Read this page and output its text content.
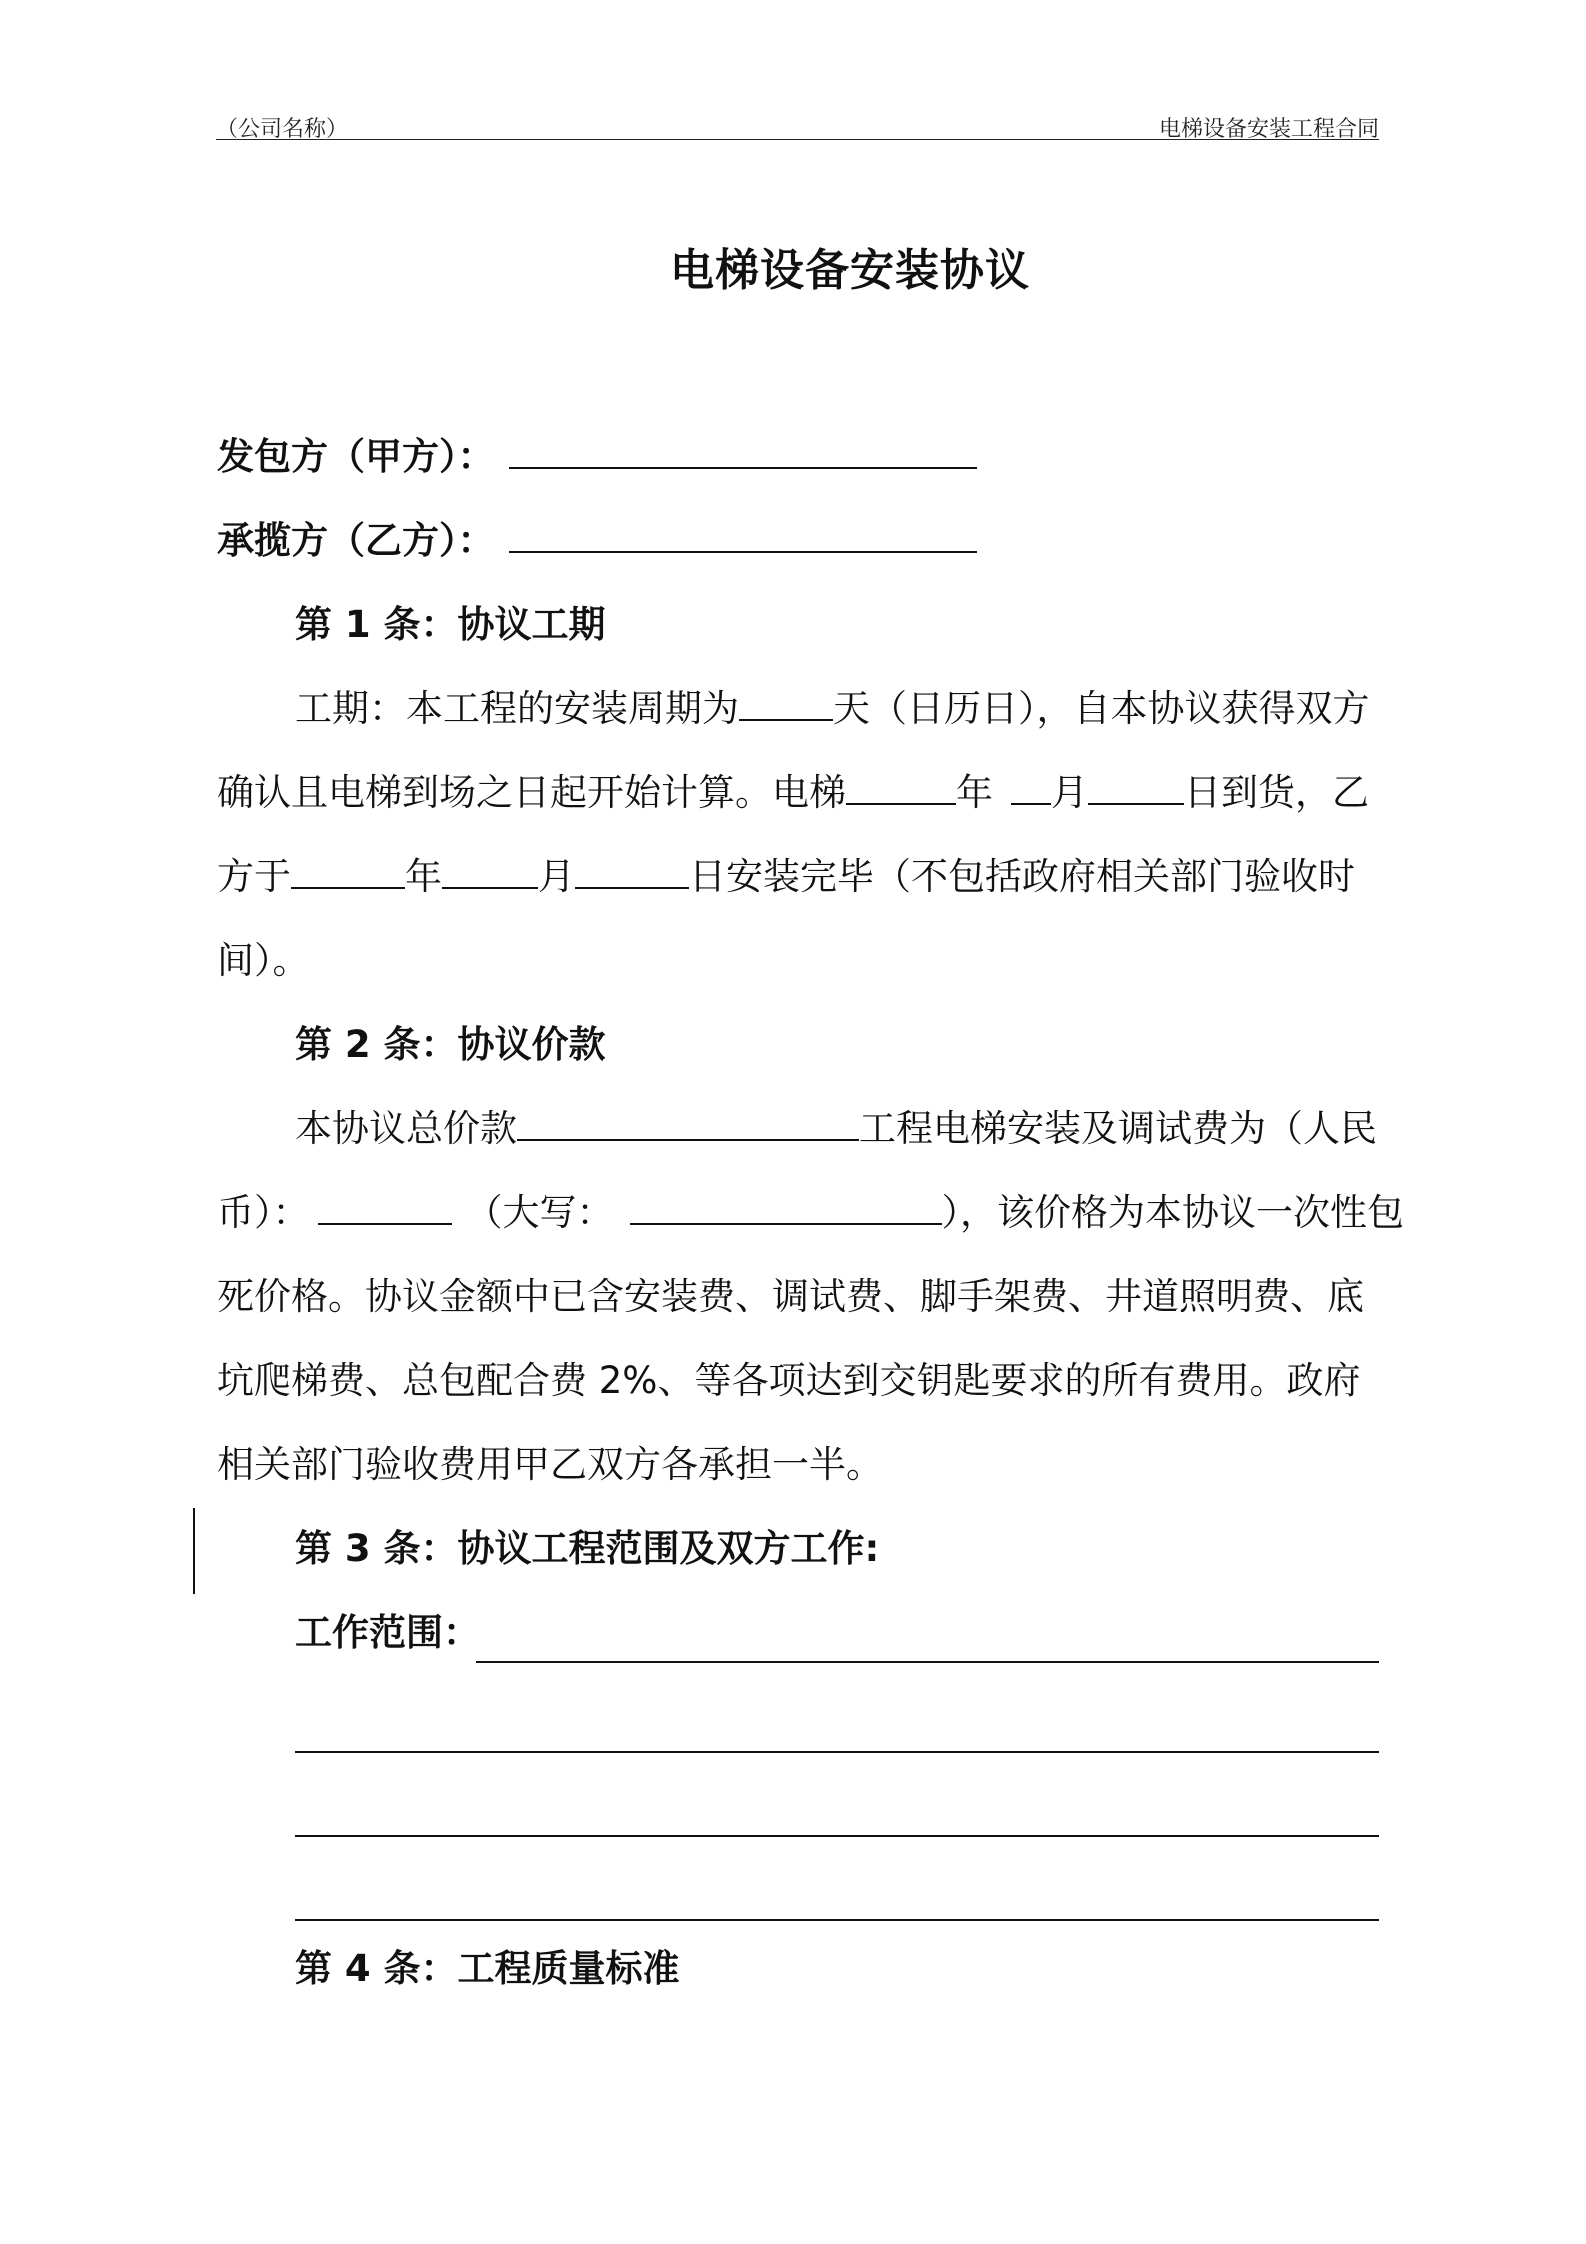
（公司名称）	电梯设备安装工程合同
电梯设备安装协议
发包方（甲方）：
承揽方（乙方）：
第 1 条：协议工期
工期：本工程的安装周期为	天（日历日），自本协议获得双方
确认且电梯到场之日起开始计算。电梯	年 月	日到货，乙
方于	年	月	日安装完毕（不包括政府相关部门验收时
间）。
第 2 条：协议价款
本协议总价款	工程电梯安装及调试费为（人民
币）：	（大写：	），该价格为本协议一次性包
死价格。协议金额中已含安装费、调试费、脚手架费、井道照明费、底
坑爬梯费、总包配合费 2%、等各项达到交钥匙要求的所有费用。政府
相关部门验收费用甲乙双方各承担一半。
第 3 条：协议工程范围及双方工作:
工作范围：
第 4 条：工程质量标准
